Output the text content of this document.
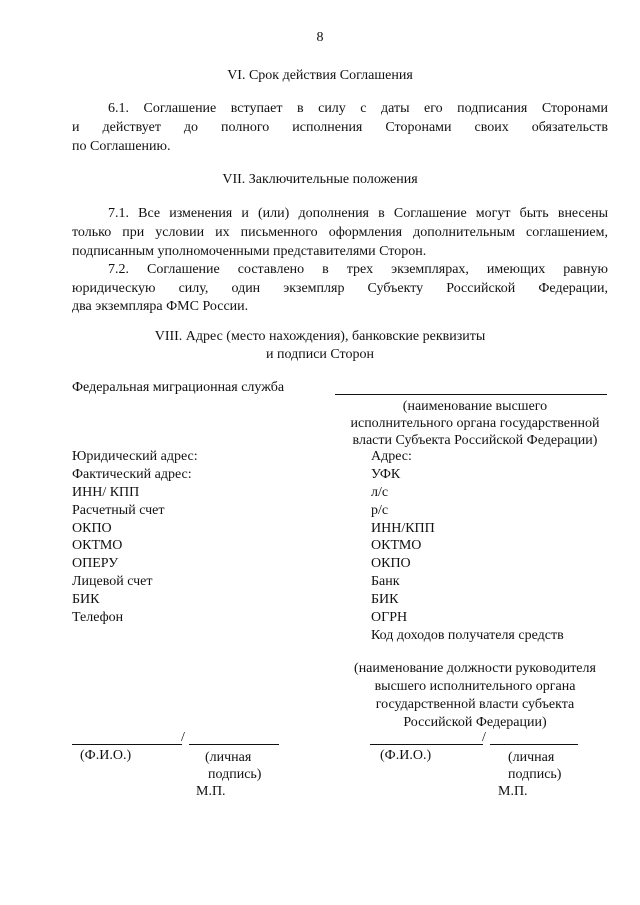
8
VI. Срок действия Соглашения
6.1. Соглашение вступает в силу с даты его подписания Сторонами
и действует до полного исполнения Сторонами своих обязательств
по Соглашению.
VII. Заключительные положения
7.1. Все изменения и (или) дополнения в Соглашение могут быть внесены
только при условии их письменного оформления дополнительным соглашением,
подписанным уполномоченными представителями Сторон.
7.2. Соглашение составлено в трех экземплярах, имеющих равную
юридическую силу, один экземпляр Субъекту Российской Федерации,
два экземпляра ФМС России.
VIII. Адрес (место нахождения), банковские реквизиты
и подписи Сторон
Федеральная миграционная служба
Юридический адрес:
Фактический адрес:
ИНН/ КПП
Расчетный счет
ОКПО
ОКТМО
ОПЕРУ
Лицевой счет
БИК
Телефон
(наименование высшего
исполнительного органа государственной
власти Субъекта Российской Федерации)
Адрес:
УФК
л/с
р/с
ИНН/КПП
ОКТМО
ОКПО
Банк
БИК
ОГРН
Код доходов получателя средств
(наименование должности руководителя
высшего исполнительного органа
государственной власти субъекта
Российской Федерации)
/
(Ф.И.О.)	(личная
подпись)
М.П.
/
(Ф.И.О.)	(личная
подпись)
М.П.
